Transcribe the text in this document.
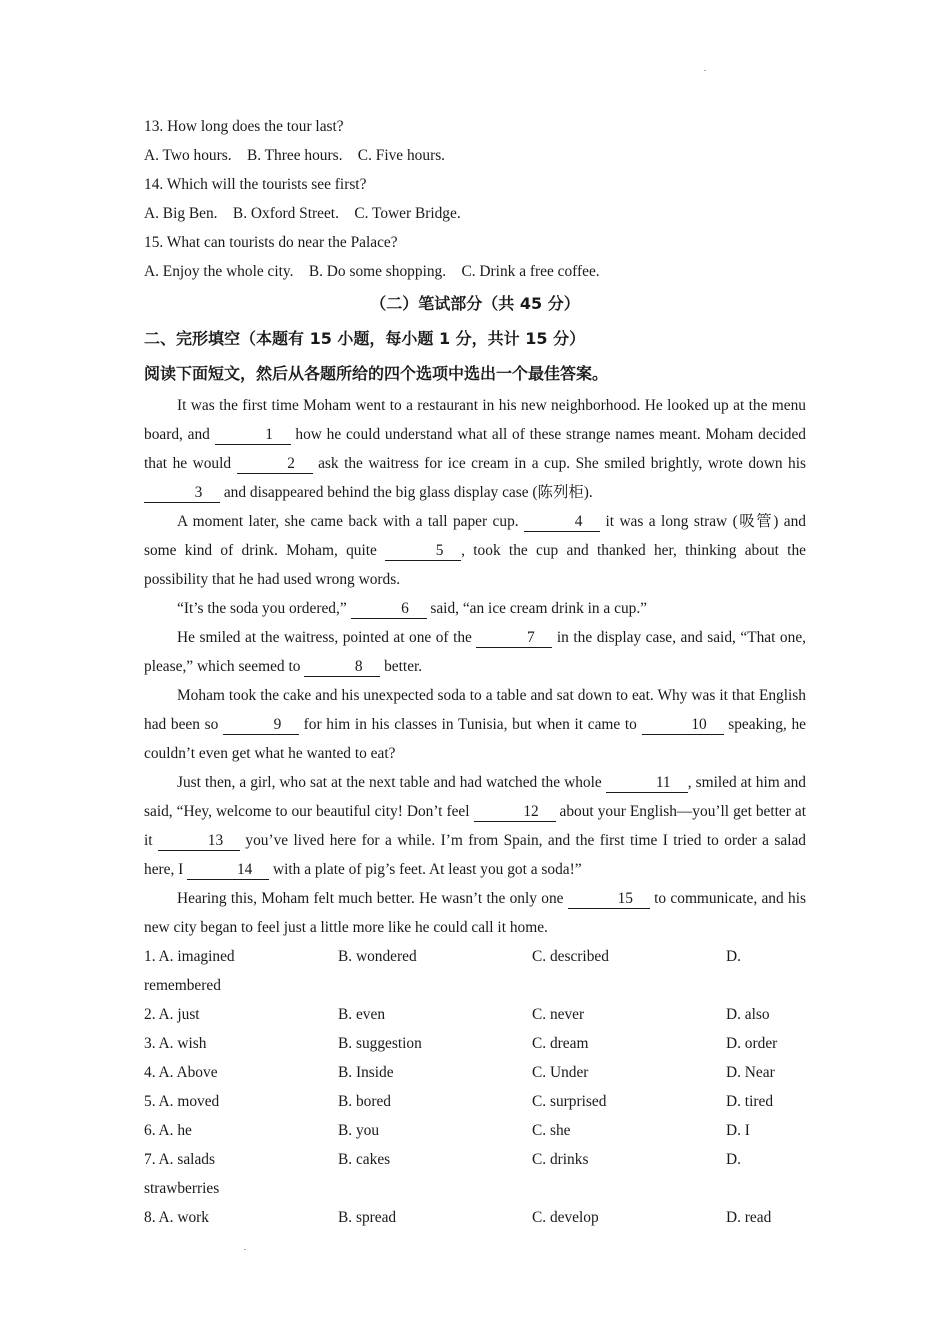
13. How long does the tour last?
A. Two hours.    B. Three hours.    C. Five hours.
14. Which will the tourists see first?
A. Big Ben.    B. Oxford Street.    C. Tower Bridge.
15. What can tourists do near the Palace?
A. Enjoy the whole city.    B. Do some shopping.    C. Drink a free coffee.
（二）笔试部分（共 45 分）
二、完形填空（本题有 15 小题，每小题 1 分，共计 15 分）
阅读下面短文，然后从各题所给的四个选项中选出一个最佳答案。

It was the first time Moham went to a restaurant in his new neighborhood. He looked up at the menu board, and	1 how he could understand what all of these strange names meant. Moham decided that he would	2 ask the waitress for ice cream in a cup. She smiled brightly, wrote down his 3 and disappeared behind the big glass display case (陈列柜).

A moment later, she came back with a tall paper cup.	4 it was a long straw (吸管) and some kind of drink. Moham, quite	5 , took the cup and thanked her, thinking about the possibility that he had used wrong words.

“It’s the soda you ordered,”	6 said, “an ice cream drink in a cup.”

He smiled at the waitress, pointed at one of the	7 in the display case, and said, “That one, please,” which seemed to	8 better.

Moham took the cake and his unexpected soda to a table and sat down to eat. Why was it that English had been so	9 for him in his classes in Tunisia, but when it came to	10 speaking, he couldn’t even get what he wanted to eat?

Just then, a girl, who sat at the next table and had watched the whole	11 , smiled at him and said, “Hey, welcome to our beautiful city! Don’t feel	12 about your English—you’ll get better at it	13 you’ve lived here for a while. I’m from Spain, and the first time I tried to order a salad here, I	14 with a plate of pig’s feet. At least you got a soda!”

Hearing this, Moham felt much better. He wasn’t the only one	15 to communicate, and his new city began to feel just a little more like he could call it home.

1. A. imagined	B. wondered	C. described	D.
remembered
2. A. just	B. even	C. never	D. also
3. A. wish	B. suggestion	C. dream	D. order
4. A. Above	B. Inside	C. Under	D. Near
5. A. moved	B. bored	C. surprised	D. tired
6. A. he	B. you	C. she	D. I
7. A. salads	B. cakes	C. drinks	D.
strawberries
8. A. work	B. spread	C. develop	D. read
